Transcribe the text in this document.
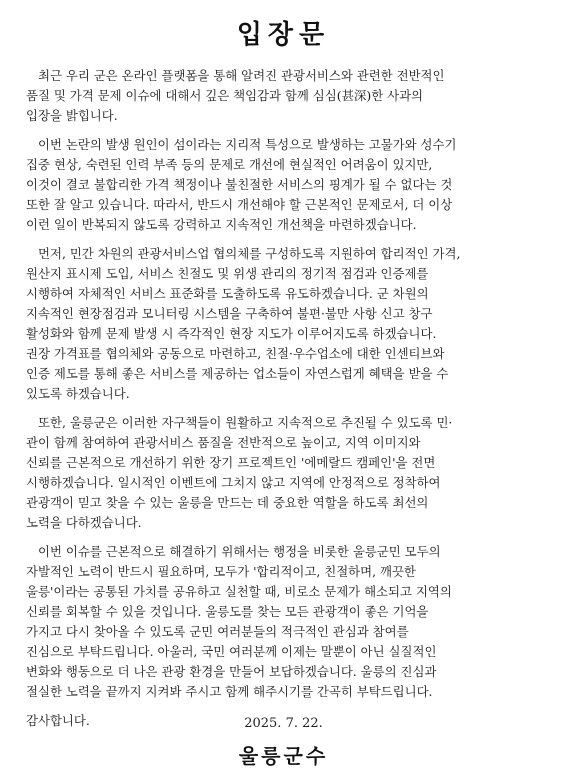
입장문
최근 우리 군은 온라인 플랫폼을 통해 알려진 관광서비스와 관련한 전반적인
품질 및 가격 문제 이슈에 대해서 깊은 책임감과 함께 심심(甚深)한 사과의
입장을 밝힙니다.
이번 논란의 발생 원인이 섬이라는 지리적 특성으로 발생하는 고물가와 성수기
집중 현상, 숙련된 인력 부족 등의 문제로 개선에 현실적인 어려움이 있지만,
이것이 결코 불합리한 가격 책정이나 불친절한 서비스의 핑계가 될 수 없다는 것
또한 잘 알고 있습니다. 따라서, 반드시 개선해야 할 근본적인 문제로서, 더 이상
이런 일이 반복되지 않도록 강력하고 지속적인 개선책을 마련하겠습니다.
먼저, 민간 차원의 관광서비스업 협의체를 구성하도록 지원하여 합리적인 가격,
원산지 표시제 도입, 서비스 친절도 및 위생 관리의 정기적 점검과 인증제를
시행하여 자체적인 서비스 표준화를 도출하도록 유도하겠습니다. 군 차원의
지속적인 현장점검과 모니터링 시스템을 구축하여 불편·불만 사항 신고 창구
활성화와 함께 문제 발생 시 즉각적인 현장 지도가 이루어지도록 하겠습니다.
권장 가격표를 협의체와 공동으로 마련하고, 친절·우수업소에 대한 인센티브와
인증 제도를 통해 좋은 서비스를 제공하는 업소들이 자연스럽게 혜택을 받을 수
있도록 하겠습니다.
또한, 울릉군은 이러한 자구책들이 원활하고 지속적으로 추진될 수 있도록 민·
관이 함께 참여하여 관광서비스 품질을 전반적으로 높이고, 지역 이미지와
신뢰를 근본적으로 개선하기 위한 장기 프로젝트인 '에메랄드 캠페인'을 전면
시행하겠습니다. 일시적인 이벤트에 그치지 않고 지역에 안정적으로 정착하여
관광객이 믿고 찾을 수 있는 울릉을 만드는 데 중요한 역할을 하도록 최선의
노력을 다하겠습니다.
이번 이슈를 근본적으로 해결하기 위해서는 행정을 비롯한 울릉군민 모두의
자발적인 노력이 반드시 필요하며, 모두가 '합리적이고, 친절하며, 깨끗한
울릉'이라는 공통된 가치를 공유하고 실천할 때, 비로소 문제가 해소되고 지역의
신뢰를 회복할 수 있을 것입니다. 울릉도를 찾는 모든 관광객이 좋은 기억을
가지고 다시 찾아올 수 있도록 군민 여러분들의 적극적인 관심과 참여를
진심으로 부탁드립니다. 아울러, 국민 여러분께 이제는 말뿐이 아닌 실질적인
변화와 행동으로 더 나은 관광 환경을 만들어 보답하겠습니다. 울릉의 진심과
절실한 노력을 끝까지 지켜봐 주시고 함께 해주시기를 간곡히 부탁드립니다.
감사합니다.	2025. 7. 22.
울릉군수
